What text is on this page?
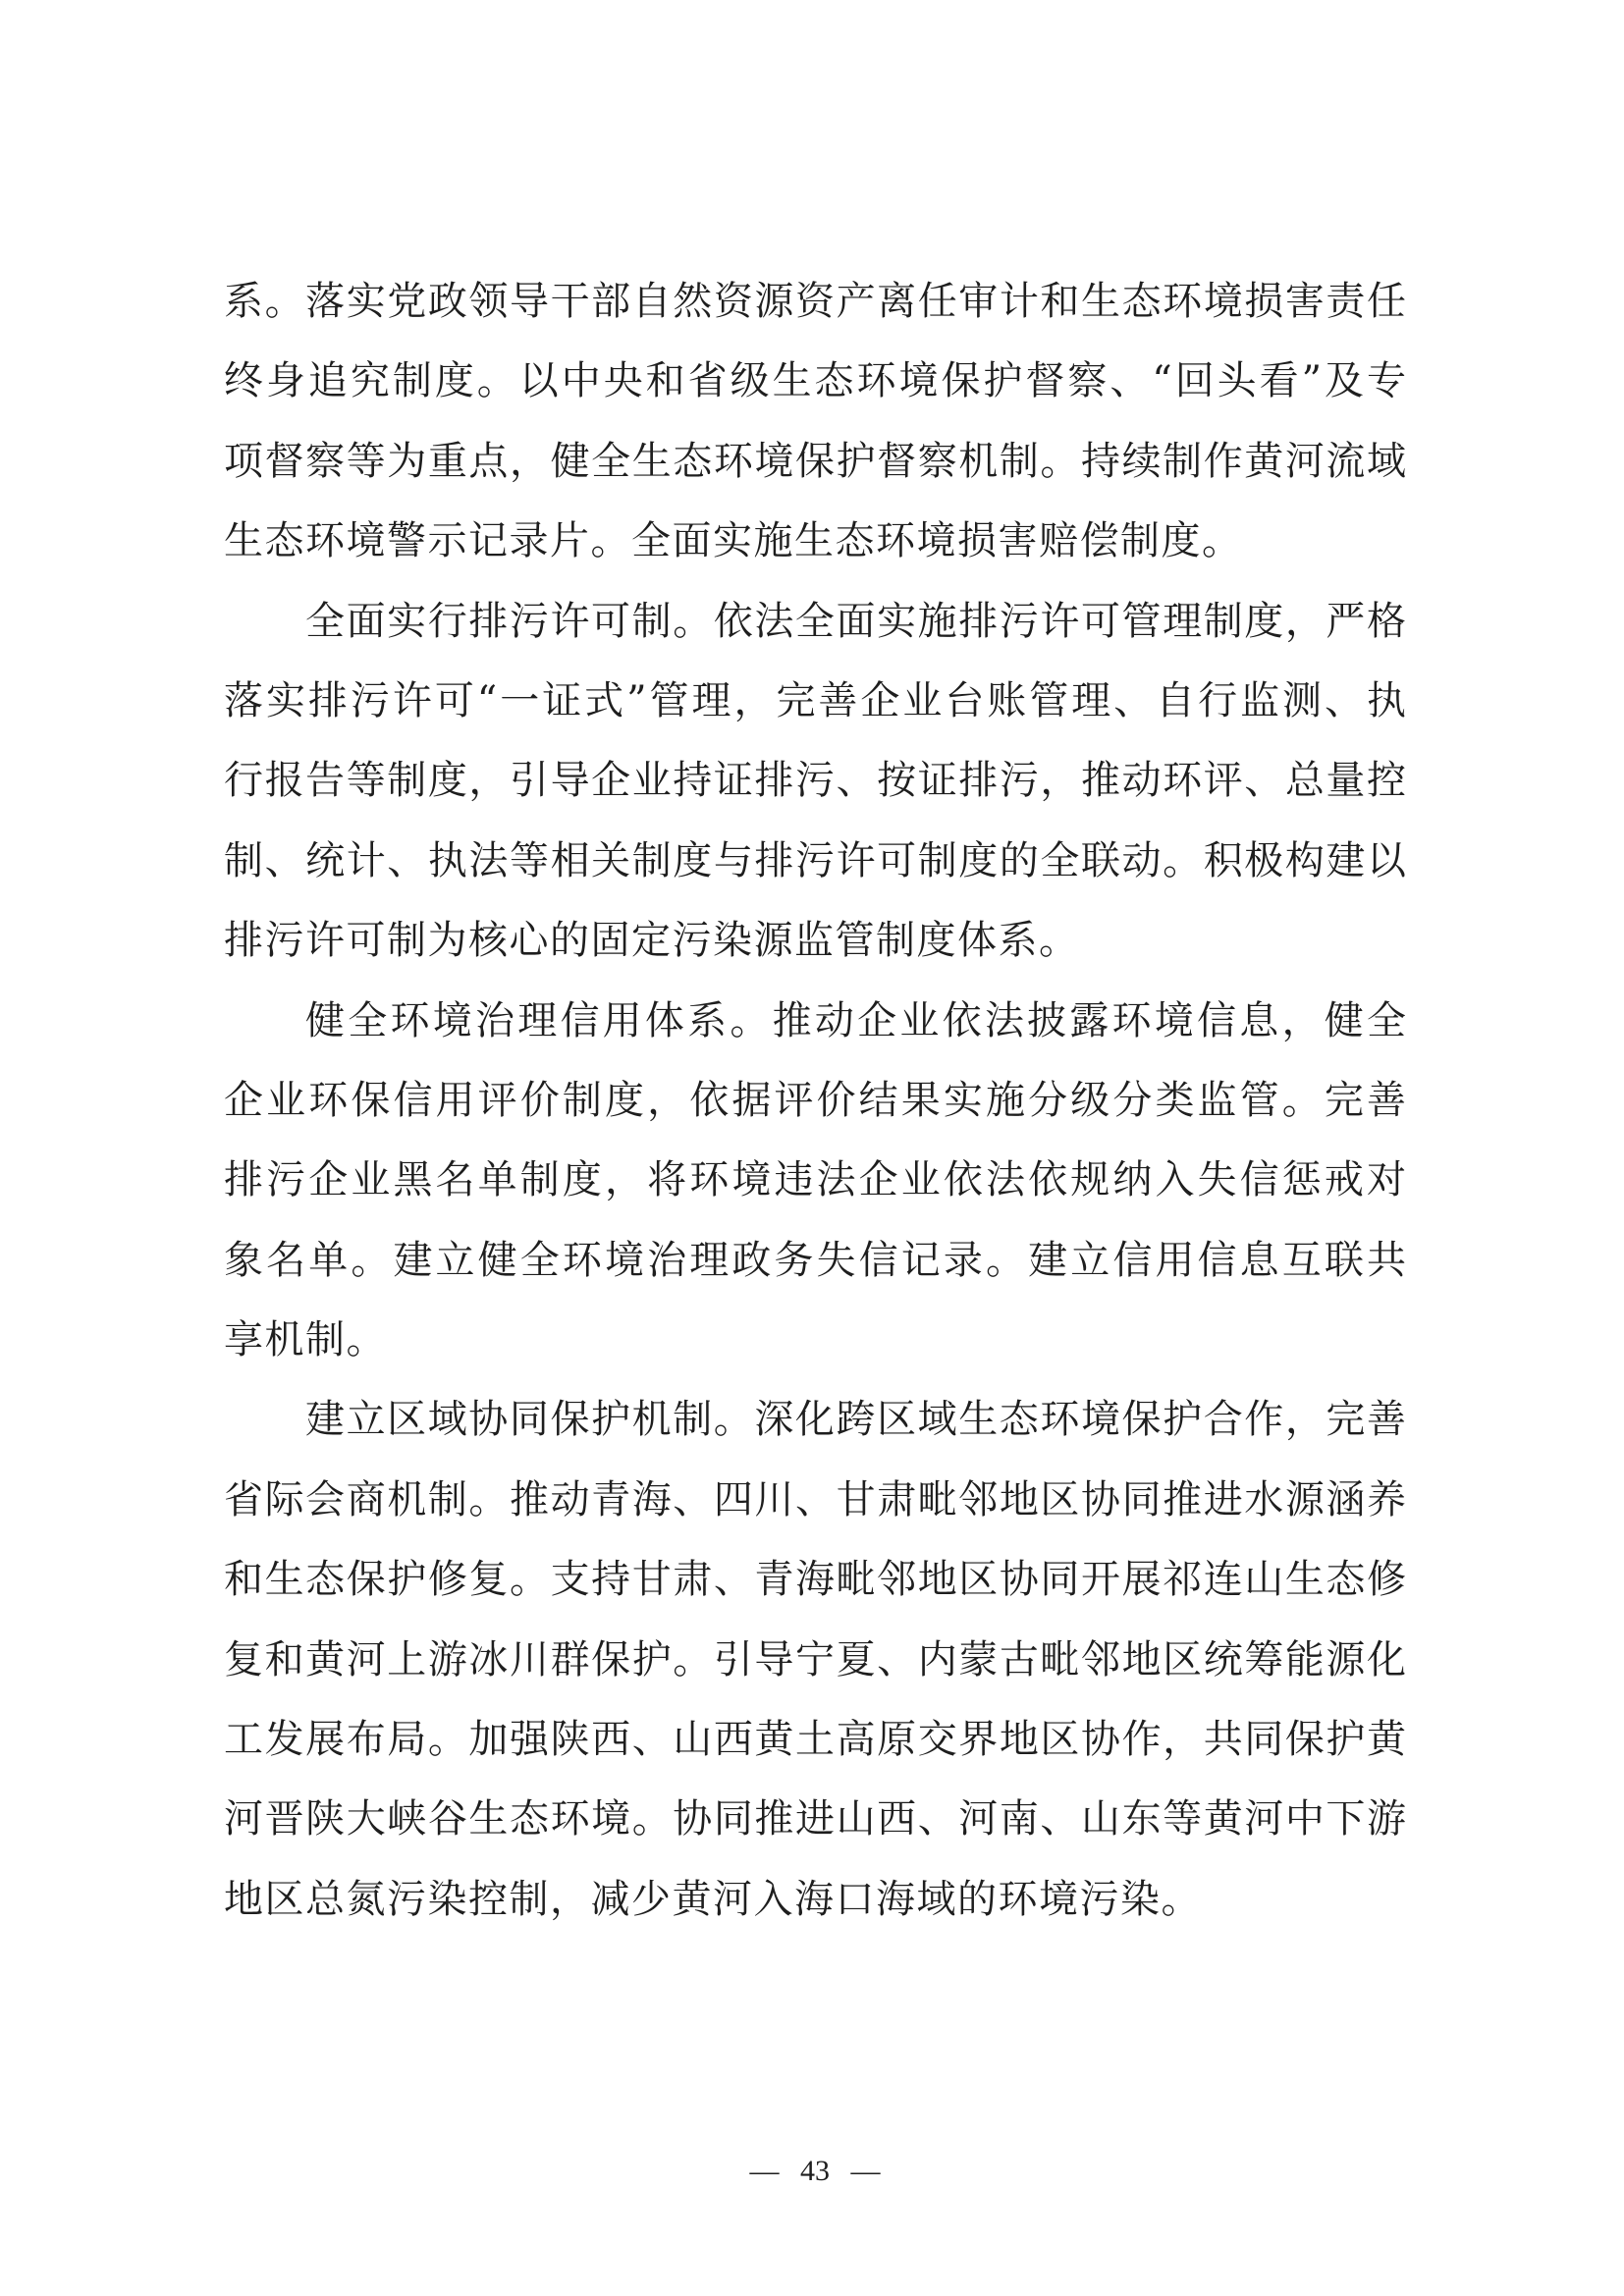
系。落实党政领导干部自然资源资产离任审计和生态环境损害责任
终身追究制度。以中央和省级生态环境保护督察、“回头看”及专
项督察等为重点，健全生态环境保护督察机制。持续制作黄河流域
生态环境警示记录片。全面实施生态环境损害赔偿制度。
全面实行排污许可制。依法全面实施排污许可管理制度，严格
落实排污许可“一证式”管理，完善企业台账管理、自行监测、执
行报告等制度，引导企业持证排污、按证排污，推动环评、总量控
制、统计、执法等相关制度与排污许可制度的全联动。积极构建以
排污许可制为核心的固定污染源监管制度体系。
健全环境治理信用体系。推动企业依法披露环境信息，健全
企业环保信用评价制度，依据评价结果实施分级分类监管。完善
排污企业黑名单制度，将环境违法企业依法依规纳入失信惩戒对
象名单。建立健全环境治理政务失信记录。建立信用信息互联共
享机制。
建立区域协同保护机制。深化跨区域生态环境保护合作，完善
省际会商机制。推动青海、四川、甘肃毗邻地区协同推进水源涵养
和生态保护修复。支持甘肃、青海毗邻地区协同开展祁连山生态修
复和黄河上游冰川群保护。引导宁夏、内蒙古毗邻地区统筹能源化
工发展布局。加强陕西、山西黄土高原交界地区协作，共同保护黄
河晋陕大峡谷生态环境。协同推进山西、河南、山东等黄河中下游
地区总氮污染控制，减少黄河入海口海域的环境污染。
— 43 —
